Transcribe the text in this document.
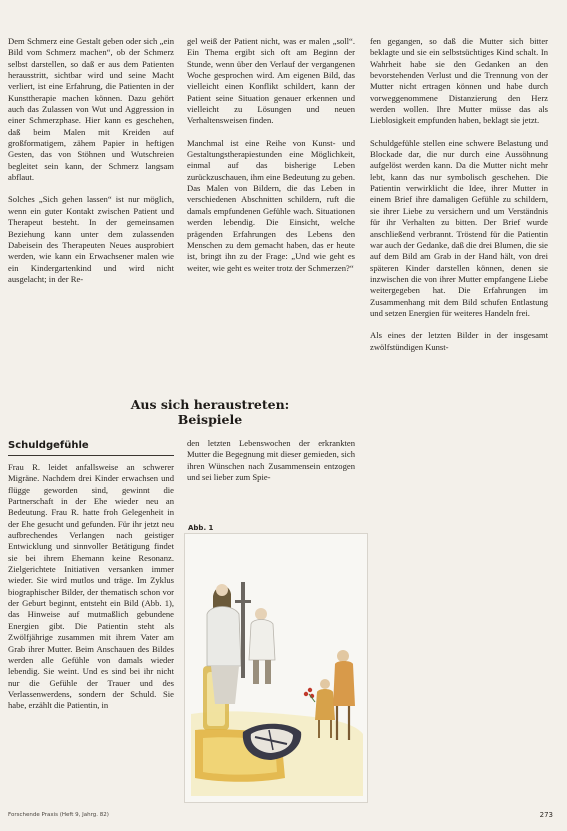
Dem Schmerz eine Gestalt geben oder sich „ein Bild vom Schmerz machen“, ob der Schmerz selbst darstellen, so daß er aus dem Patienten herausstritt, sichtbar wird und seine Macht verliert, ist eine Erfahrung, die Patienten in der Kunsttherapie machen können. Dazu gehört auch das Zulassen von Wut und Aggression in einer Schmerzphase. Hier kann es geschehen, daß beim Malen mit Kreiden auf großformatigem, zähem Papier in heftigen Gesten, das von Stöhnen und Wutschreien begleitet sein kann, der Schmerz langsam abflaut.

Solches „Sich gehen lassen“ ist nur möglich, wenn ein guter Kontakt zwischen Patient und Therapeut besteht. In der gemeinsamen Beziehung kann unter dem zulassenden Dabeisein des Therapeuten Neues ausprobiert werden, wie kann ein Erwachsener malen wie ein Kindergartenkind und wird nicht ausgelacht; in der Re-

gel weiß der Patient nicht, was er malen „soll“. Ein Thema ergibt sich oft am Beginn der Stunde, wenn über den Verlauf der vergangenen Woche gesprochen wird. Am eigenen Bild, das vielleicht einen Konflikt schildert, kann der Patient seine Situation genauer erkennen und vielleicht zu Lösungen und neuen Verhaltensweisen finden.

Manchmal ist eine Reihe von Kunst- und Gestaltungstherapiestunden eine Möglichkeit, einmal auf das bisherige Leben zurückzuschauen, ihm eine Bedeutung zu geben. Das Malen von Bildern, die das Leben in verschiedenen Abschnitten schildern, ruft die damals empfundenen Gefühle wach. Situationen werden lebendig. Die Einsicht, welche prägenden Erfahrungen des Lebens den Menschen zu dem gemacht haben, das er heute ist, bringt ihn zu der Frage: „Und wie geht es weiter, wie geht es weiter trotz der Schmerzen?“

fen gegangen, so daß die Mutter sich bitter beklagte und sie ein selbstsüchtiges Kind schalt. In Wahrheit habe sie den Gedanken an den bevorstehenden Verlust und die Trennung von der Mutter nicht ertragen können und habe durch vorweggenommene Distanzierung den Herz werden wollen. Ihre Mutter müsse das als Lieblosigkeit empfunden haben, beklagt sie jetzt.

Schuldgefühle stellen eine schwere Belastung und Blockade dar, die nur durch eine Aussöhnung aufgelöst werden kann. Da die Mutter nicht mehr lebt, kann das nur symbolisch geschehen. Die Patientin verwirklicht die Idee, ihrer Mutter in einem Brief ihre damaligen Gefühle zu schildern, sie ihrer Liebe zu versichern und um Verständnis für ihr Verhalten zu bitten. Der Brief wurde anschließend verbrannt. Tröstend für die Patientin war auch der Gedanke, daß die drei Blumen, die sie auf dem Bild am Grab in der Hand hält, von drei späteren Kinder darstellen können, denen sie inzwischen die von ihrer Mutter empfangene Liebe weitergegeben hat. Die Erfahrungen im Zusammenhang mit dem Bild schufen Entlastung und setzen Energien für weiteres Handeln frei.

Als eines der letzten Bilder in der insgesamt zwölfstündigen Kunst-

Aus sich heraustreten:
Beispiele
Schuldgefühle

Frau R. leidet anfallsweise an schwerer Migräne. Nachdem drei Kinder erwachsen und flügge geworden sind, gewinnt die Partnerschaft in der Ehe wieder neu an Bedeutung. Frau R. hatte froh Gelegenheit in der Ehe gesucht und gefunden. Für ihr jetzt neu aufbrechendes Verlangen nach geistiger Entwicklung und sinnvoller Betätigung findet sie bei ihrem Ehemann keine Resonanz. Zielgerichtete Initiativen versanken immer wieder. Sie wird mutlos und träge. Im Zyklus biographischer Bilder, der thematisch schon vor der Geburt beginnt, entsteht ein Bild (Abb. 1), das Hinweise auf mutmaßlich gebundene Energien gibt. Die Patientin steht als Zwölfjährige zusammen mit ihrem Vater am Grab ihrer Mutter. Beim Anschauen des Bildes werden alle Gefühle von damals wieder lebendig. Sie weint. Und es sind bei ihr nicht nur die Gefühle der Trauer und des Verlassenwerdens, sondern der Schuld. Sie habe, erzählt die Patientin, in

den letzten Lebenswochen der erkrankten Mutter die Begegnung mit dieser gemieden, sich ihren Wünschen nach Zusammensein entzogen und sei lieber zum Spie-

Abb. 1
Forschende Praxis (Heft 9, Jahrg. 82)	273
